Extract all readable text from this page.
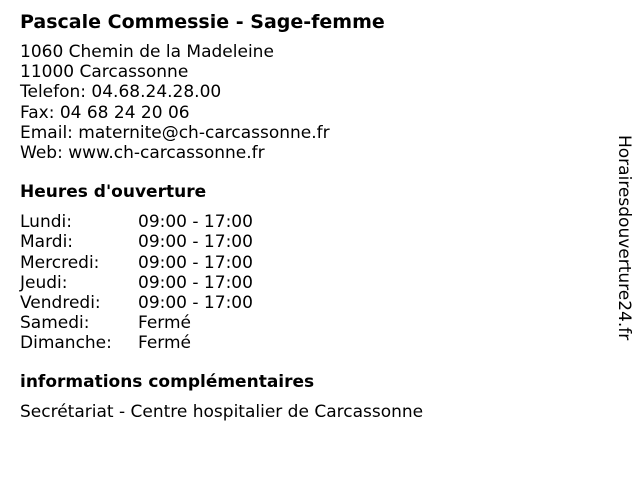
Pascale Commessie - Sage-femme
1060 Chemin de la Madeleine
11000 Carcassonne
Telefon: 04.68.24.28.00
Fax: 04 68 24 20 06
Email: maternite@ch-carcassonne.fr
Web: www.ch-carcassonne.fr
Heures d'ouverture
Lundi:	09:00 - 17:00
Mardi:	09:00 - 17:00
Mercredi:	09:00 - 17:00
Jeudi:	09:00 - 17:00
Vendredi:	09:00 - 17:00
Samedi:	Fermé
Dimanche:	Fermé
informations complémentaires
Secrétariat - Centre hospitalier de Carcassonne
Horairesdouverture24.fr
